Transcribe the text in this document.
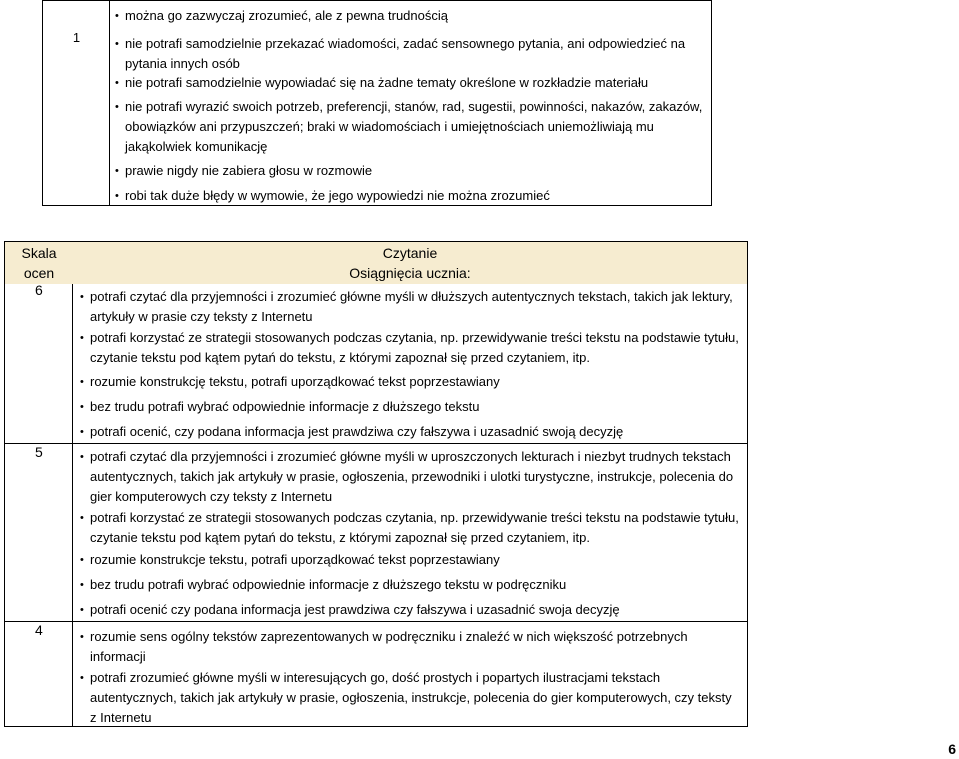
1
• można go zazwyczaj zrozumieć, ale z pewna trudnością
• nie potrafi samodzielnie przekazać wiadomości, zadać sensownego pytania, ani odpowiedzieć na pytania innych osób
• nie potrafi samodzielnie wypowiadać się na żadne tematy określone w rozkładzie materiału
• nie potrafi wyrazić swoich potrzeb, preferencji, stanów, rad, sugestii, powinności, nakazów, zakazów, obowiązków ani przypuszczeń; braki w wiadomościach i umiejętnościach uniemożliwiają mu jakąkolwiek komunikację
• prawie nigdy nie zabiera głosu w rozmowie
• robi tak duże błędy w wymowie, że jego wypowiedzi nie można zrozumieć
Skala ocen
Czytanie
Osiągnięcia ucznia:
6	• potrafi czytać dla przyjemności i zrozumieć główne myśli w dłuższych autentycznych tekstach, takich jak lektury, artykuły w prasie czy teksty z Internetu
• potrafi korzystać ze strategii stosowanych podczas czytania, np. przewidywanie treści tekstu na podstawie tytułu, czytanie tekstu pod kątem pytań do tekstu, z którymi zapoznał się przed czytaniem, itp.
• rozumie konstrukcję tekstu, potrafi uporządkować tekst poprzestawiany
• bez trudu potrafi wybrać odpowiednie informacje z dłuższego tekstu
• potrafi ocenić, czy podana informacja jest prawdziwa czy fałszywa i uzasadnić swoją decyzję
5	• potrafi czytać dla przyjemności i zrozumieć główne myśli w uproszczonych lekturach i niezbyt trudnych tekstach autentycznych, takich jak artykuły w prasie, ogłoszenia, przewodniki i ulotki turystyczne, instrukcje, polecenia do gier komputerowych czy teksty z Internetu
• potrafi korzystać ze strategii stosowanych podczas czytania, np. przewidywanie treści tekstu na podstawie tytułu, czytanie tekstu pod kątem pytań do tekstu, z którymi zapoznał się przed czytaniem, itp.
• rozumie konstrukcje tekstu, potrafi uporządkować tekst poprzestawiany
• bez trudu potrafi wybrać odpowiednie informacje z dłuższego tekstu w podręczniku
• potrafi ocenić czy podana informacja jest prawdziwa czy fałszywa i uzasadnić swoja decyzję
4	• rozumie sens ogólny tekstów zaprezentowanych w podręczniku i znaleźć w nich większość potrzebnych informacji
• potrafi zrozumieć główne myśli w interesujących go, dość prostych i popartych ilustracjami tekstach autentycznych, takich jak artykuły w prasie, ogłoszenia, instrukcje, polecenia do gier komputerowych, czy teksty z Internetu
6
